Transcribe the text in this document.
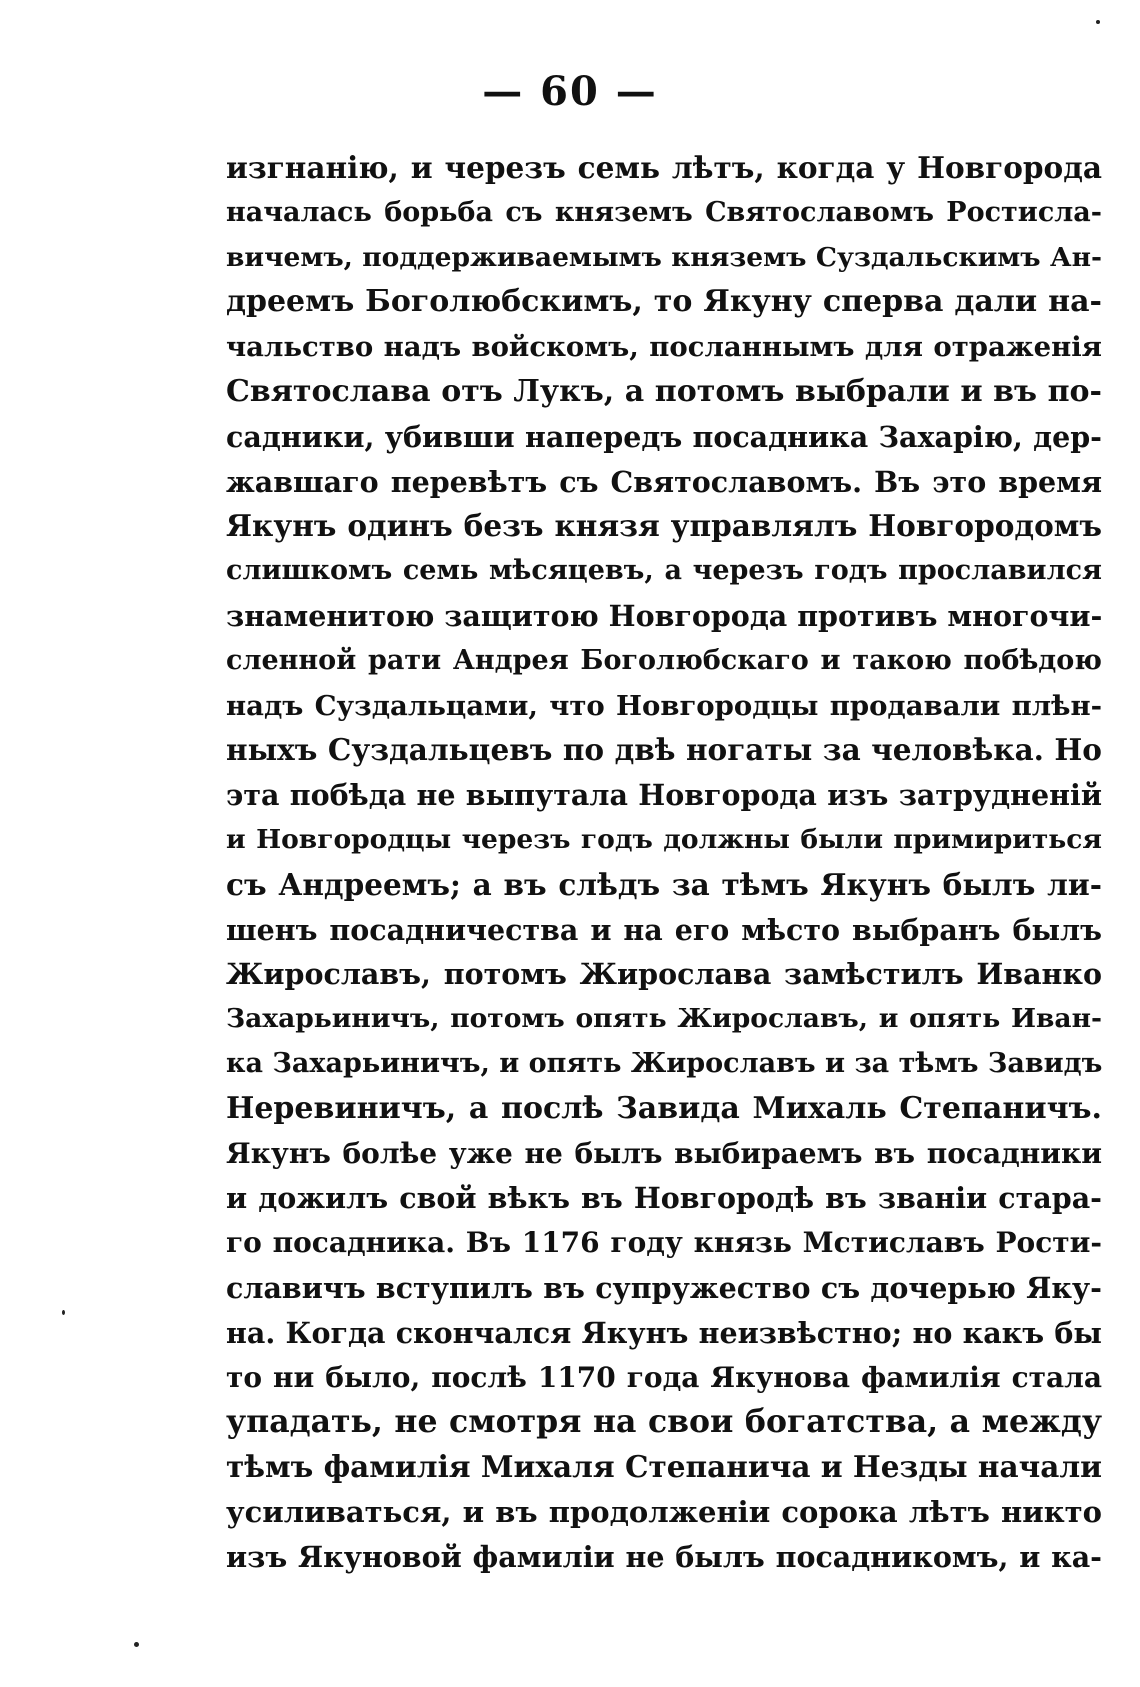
— 60 —
изгнанію, и черезъ семь лѣтъ, когда у Новгорода
началась борьба съ княземъ Святославомъ Ростисла-
вичемъ, поддерживаемымъ княземъ Суздальскимъ Ан-
дреемъ Боголюбскимъ, то Якуну сперва дали на-
чальство надъ войскомъ, посланнымъ для отраженія
Святослава отъ Лукъ, а потомъ выбрали и въ по-
садники, убивши напередъ посадника Захарію, дер-
жавшаго перевѣтъ съ Святославомъ. Въ это время
Якунъ одинъ безъ князя управлялъ Новгородомъ
слишкомъ семь мѣсяцевъ, а черезъ годъ прославился
знаменитою защитою Новгорода противъ многочи-
сленной рати Андрея Боголюбскаго и такою побѣдою
надъ Суздальцами, что Новгородцы продавали плѣн-
ныхъ Суздальцевъ по двѣ ногаты за человѣка. Но
эта побѣда не выпутала Новгорода изъ затрудненій
и Новгородцы черезъ годъ должны были примириться
съ Андреемъ; а въ слѣдъ за тѣмъ Якунъ былъ ли-
шенъ посадничества и на его мѣсто выбранъ былъ
Жирославъ, потомъ Жирослава замѣстилъ Иванко
Захарьиничъ, потомъ опять Жирославъ, и опять Иван-
ка Захарьиничъ, и опять Жирославъ и за тѣмъ Завидъ
Неревиничъ, а послѣ Завида Михаль Степаничъ.
Якунъ болѣе уже не былъ выбираемъ въ посадники
и дожилъ свой вѣкъ въ Новгородѣ въ званіи стара-
го посадника. Въ 1176 году князь Мстиславъ Рости-
славичъ вступилъ въ супружество съ дочерью Яку-
на. Когда скончался Якунъ неизвѣстно; но какъ бы
то ни было, послѣ 1170 года Якунова фамилія стала
упадать, не смотря на свои богатства, а между
тѣмъ фамилія Михаля Степанича и Незды начали
усиливаться, и въ продолженіи сорока лѣтъ никто
изъ Якуновой фамиліи не былъ посадникомъ, и ка-
